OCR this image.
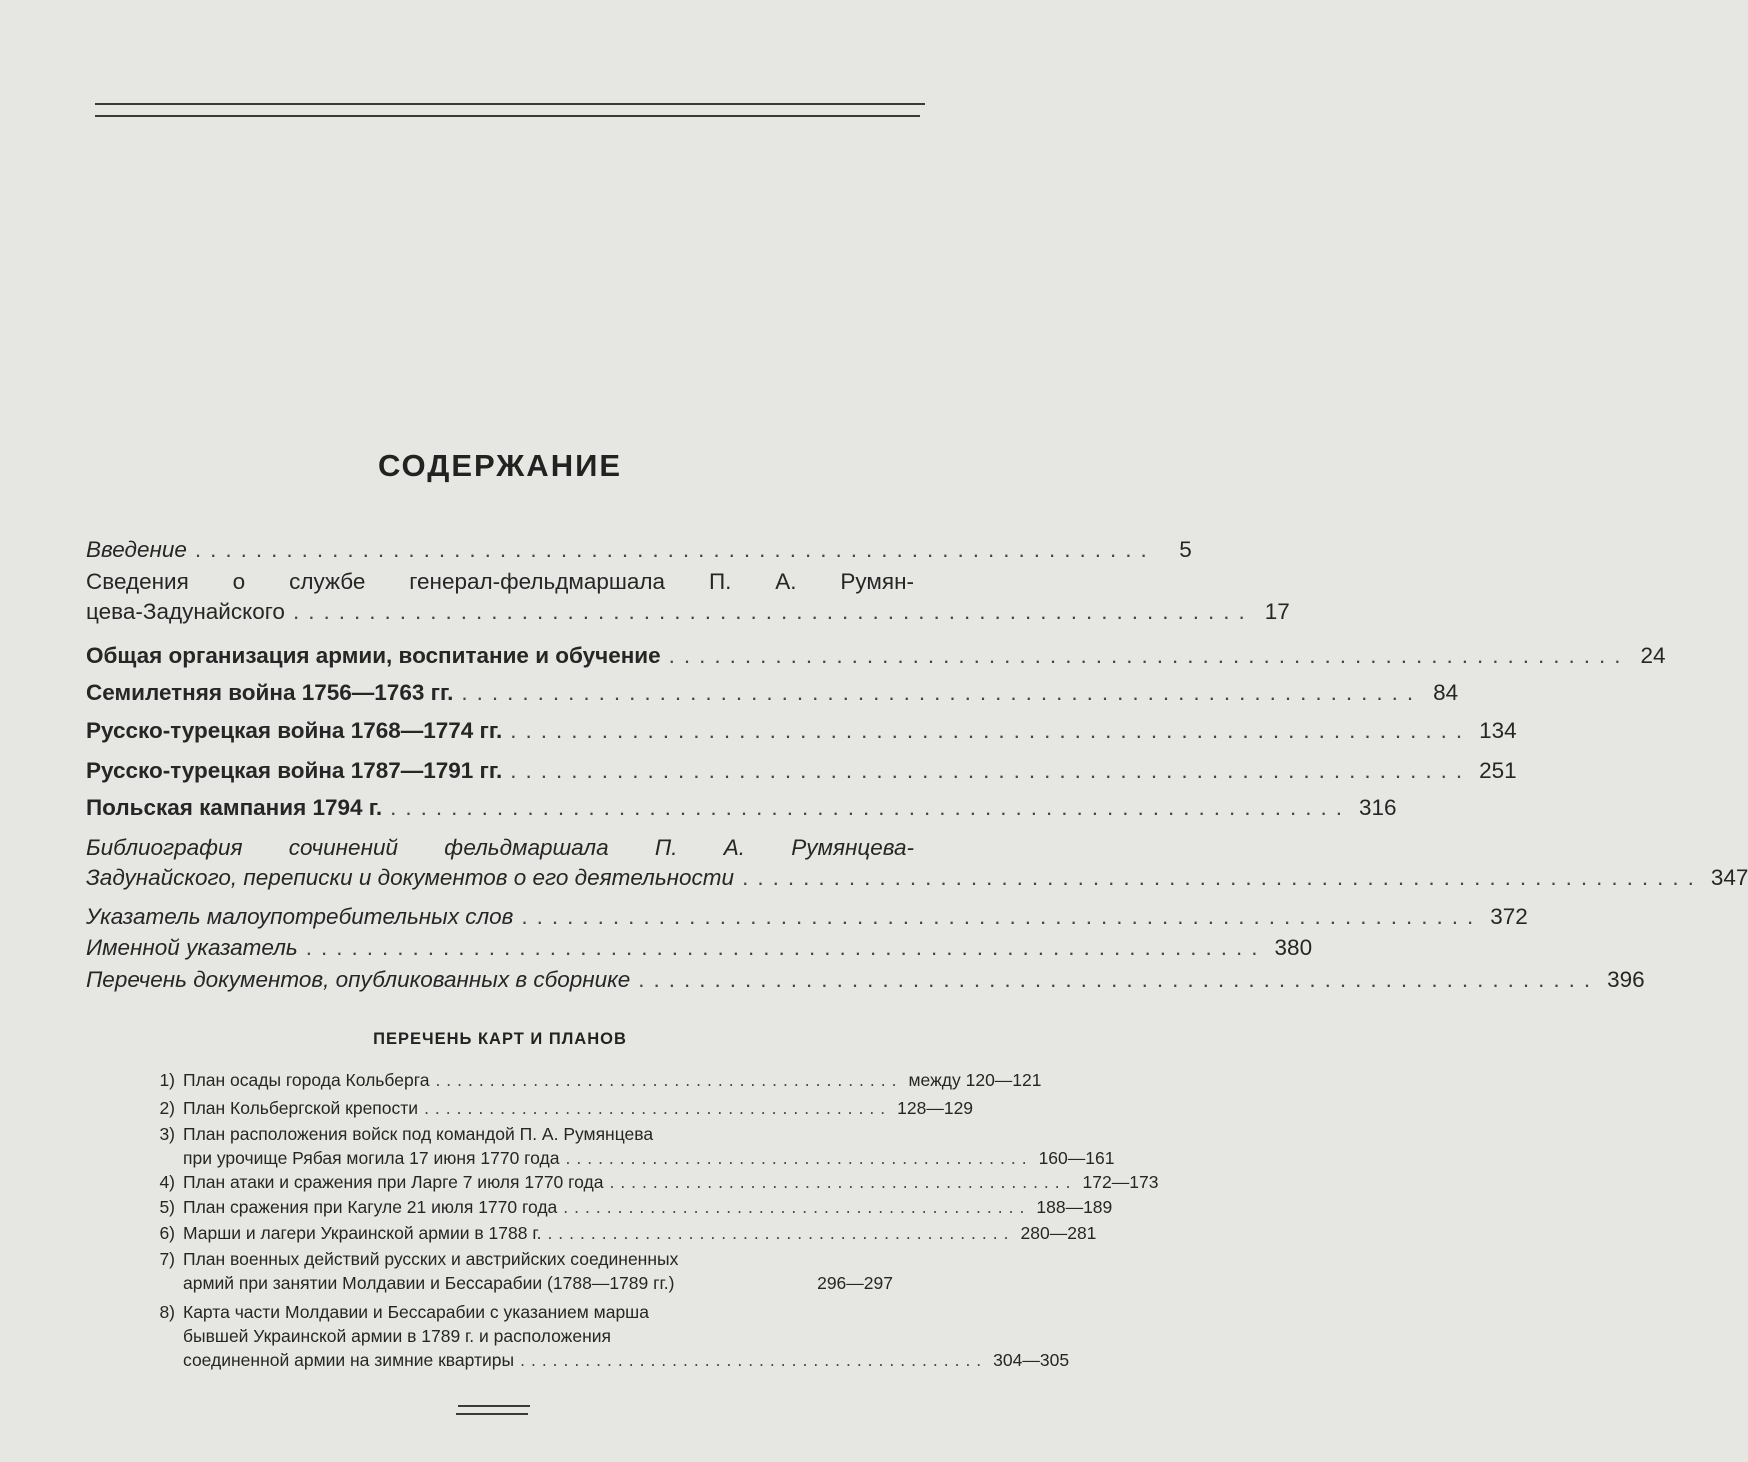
СОДЕРЖАНИЕ
Введение ...............................................................	5
Сведения о службе генерал-фельдмаршала П. А. Румян-
цева-Задунайского ............................................................... 17
Общая организация армии, воспитание и обучение ............................................................... 24
Семилетняя война 1756—1763 гг. ............................................................... 84
Русско-турецкая война 1768—1774 гг. ............................................................... 134
Русско-турецкая война 1787—1791 гг. ............................................................... 251
Польская кампания 1794 г. ............................................................... 316
Библиография сочинений фельдмаршала П. А. Румянцева-
Задунайского, переписки и документов о его деятельности ............................................................... 347
Указатель малоупотребительных слов ............................................................... 372
Именной указатель ............................................................... 380
Перечень документов, опубликованных в сборнике ............................................................... 396
ПЕРЕЧЕНЬ КАРТ И ПЛАНОВ
1) План осады города Кольберга ........................................... между 120—121
2) План Кольбергской крепости ........................................... 128—129
3) План расположения войск под командой П. А. Румянцева
при урочище Рябая могила 17 июня 1770 года ........................................... 160—161
4) План атаки и сражения при Ларге 7 июля 1770 года ........................................... 172—173
5) План сражения при Кагуле 21 июля 1770 года ........................................... 188—189
6) Марши и лагери Украинской армии в 1788 г. ........................................... 280—281
7) План военных действий русских и австрийских соединенных
армий при занятии Молдавии и Бессарабии (1788—1789 гг.)	296—297
8) Карта части Молдавии и Бессарабии с указанием марша
бывшей Украинской армии в 1789 г. и расположения
соединенной армии на зимние квартиры ........................................... 304—305
